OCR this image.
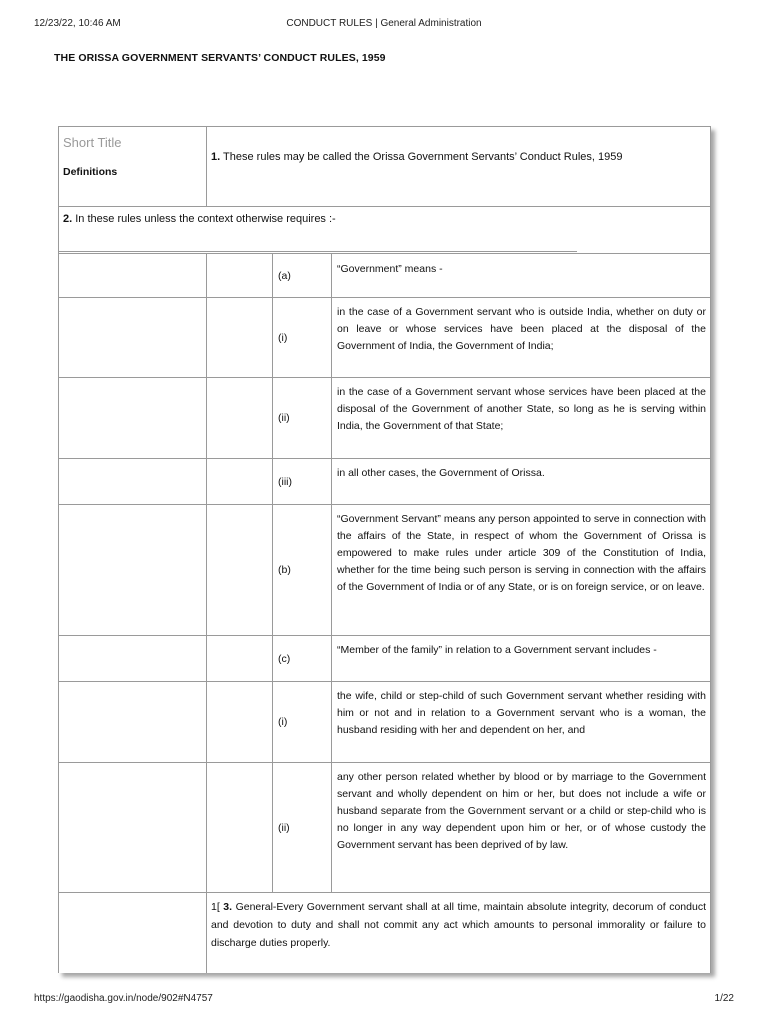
12/23/22, 10:46 AM	CONDUCT RULES | General Administration
THE ORISSA GOVERNMENT SERVANTS’ CONDUCT RULES, 1959
Short Title
Definitions
1. These rules may be called the Orissa Government Servants’ Conduct Rules, 1959
2. In these rules unless the context otherwise requires :-
(a)

“Government” means -

(i)

in the case of a Government servant who is outside India, whether on duty or on leave or whose services have been placed at the disposal of the Government of India, the Government of India;

(ii)

in the case of a Government servant whose services have been placed at the disposal of the Government of another State, so long as he is serving within India, the Government of that State;

(iii)

in all other cases, the Government of Orissa.

(b)

“Government Servant” means any person appointed to serve in connection with the affairs of the State, in respect of whom the Government of Orissa is empowered to make rules under article 309 of the Constitution of India, whether for the time being such person is serving in connection with the affairs of the Government of India or of any State, or is on foreign service, or on leave.

(c)

“Member of the family” in relation to a Government servant includes -

(i)

the wife, child or step-child of such Government servant whether residing with him or not and in relation to a Government servant who is a woman, the husband residing with her and dependent on her, and

(ii)

any other person related whether by blood or by marriage to the Government servant and wholly dependent on him or her, but does not include a wife or husband separate from the Government servant or a child or step-child who is no longer in any way dependent upon him or her, or of whose custody the Government servant has been deprived of by law.

1[ 3. General-Every Government servant shall at all time, maintain absolute integrity, decorum of conduct and devotion to duty and shall not commit any act which amounts to personal immorality or failure to discharge duties properly.

https://gaodisha.gov.in/node/902#N4757	1/22
